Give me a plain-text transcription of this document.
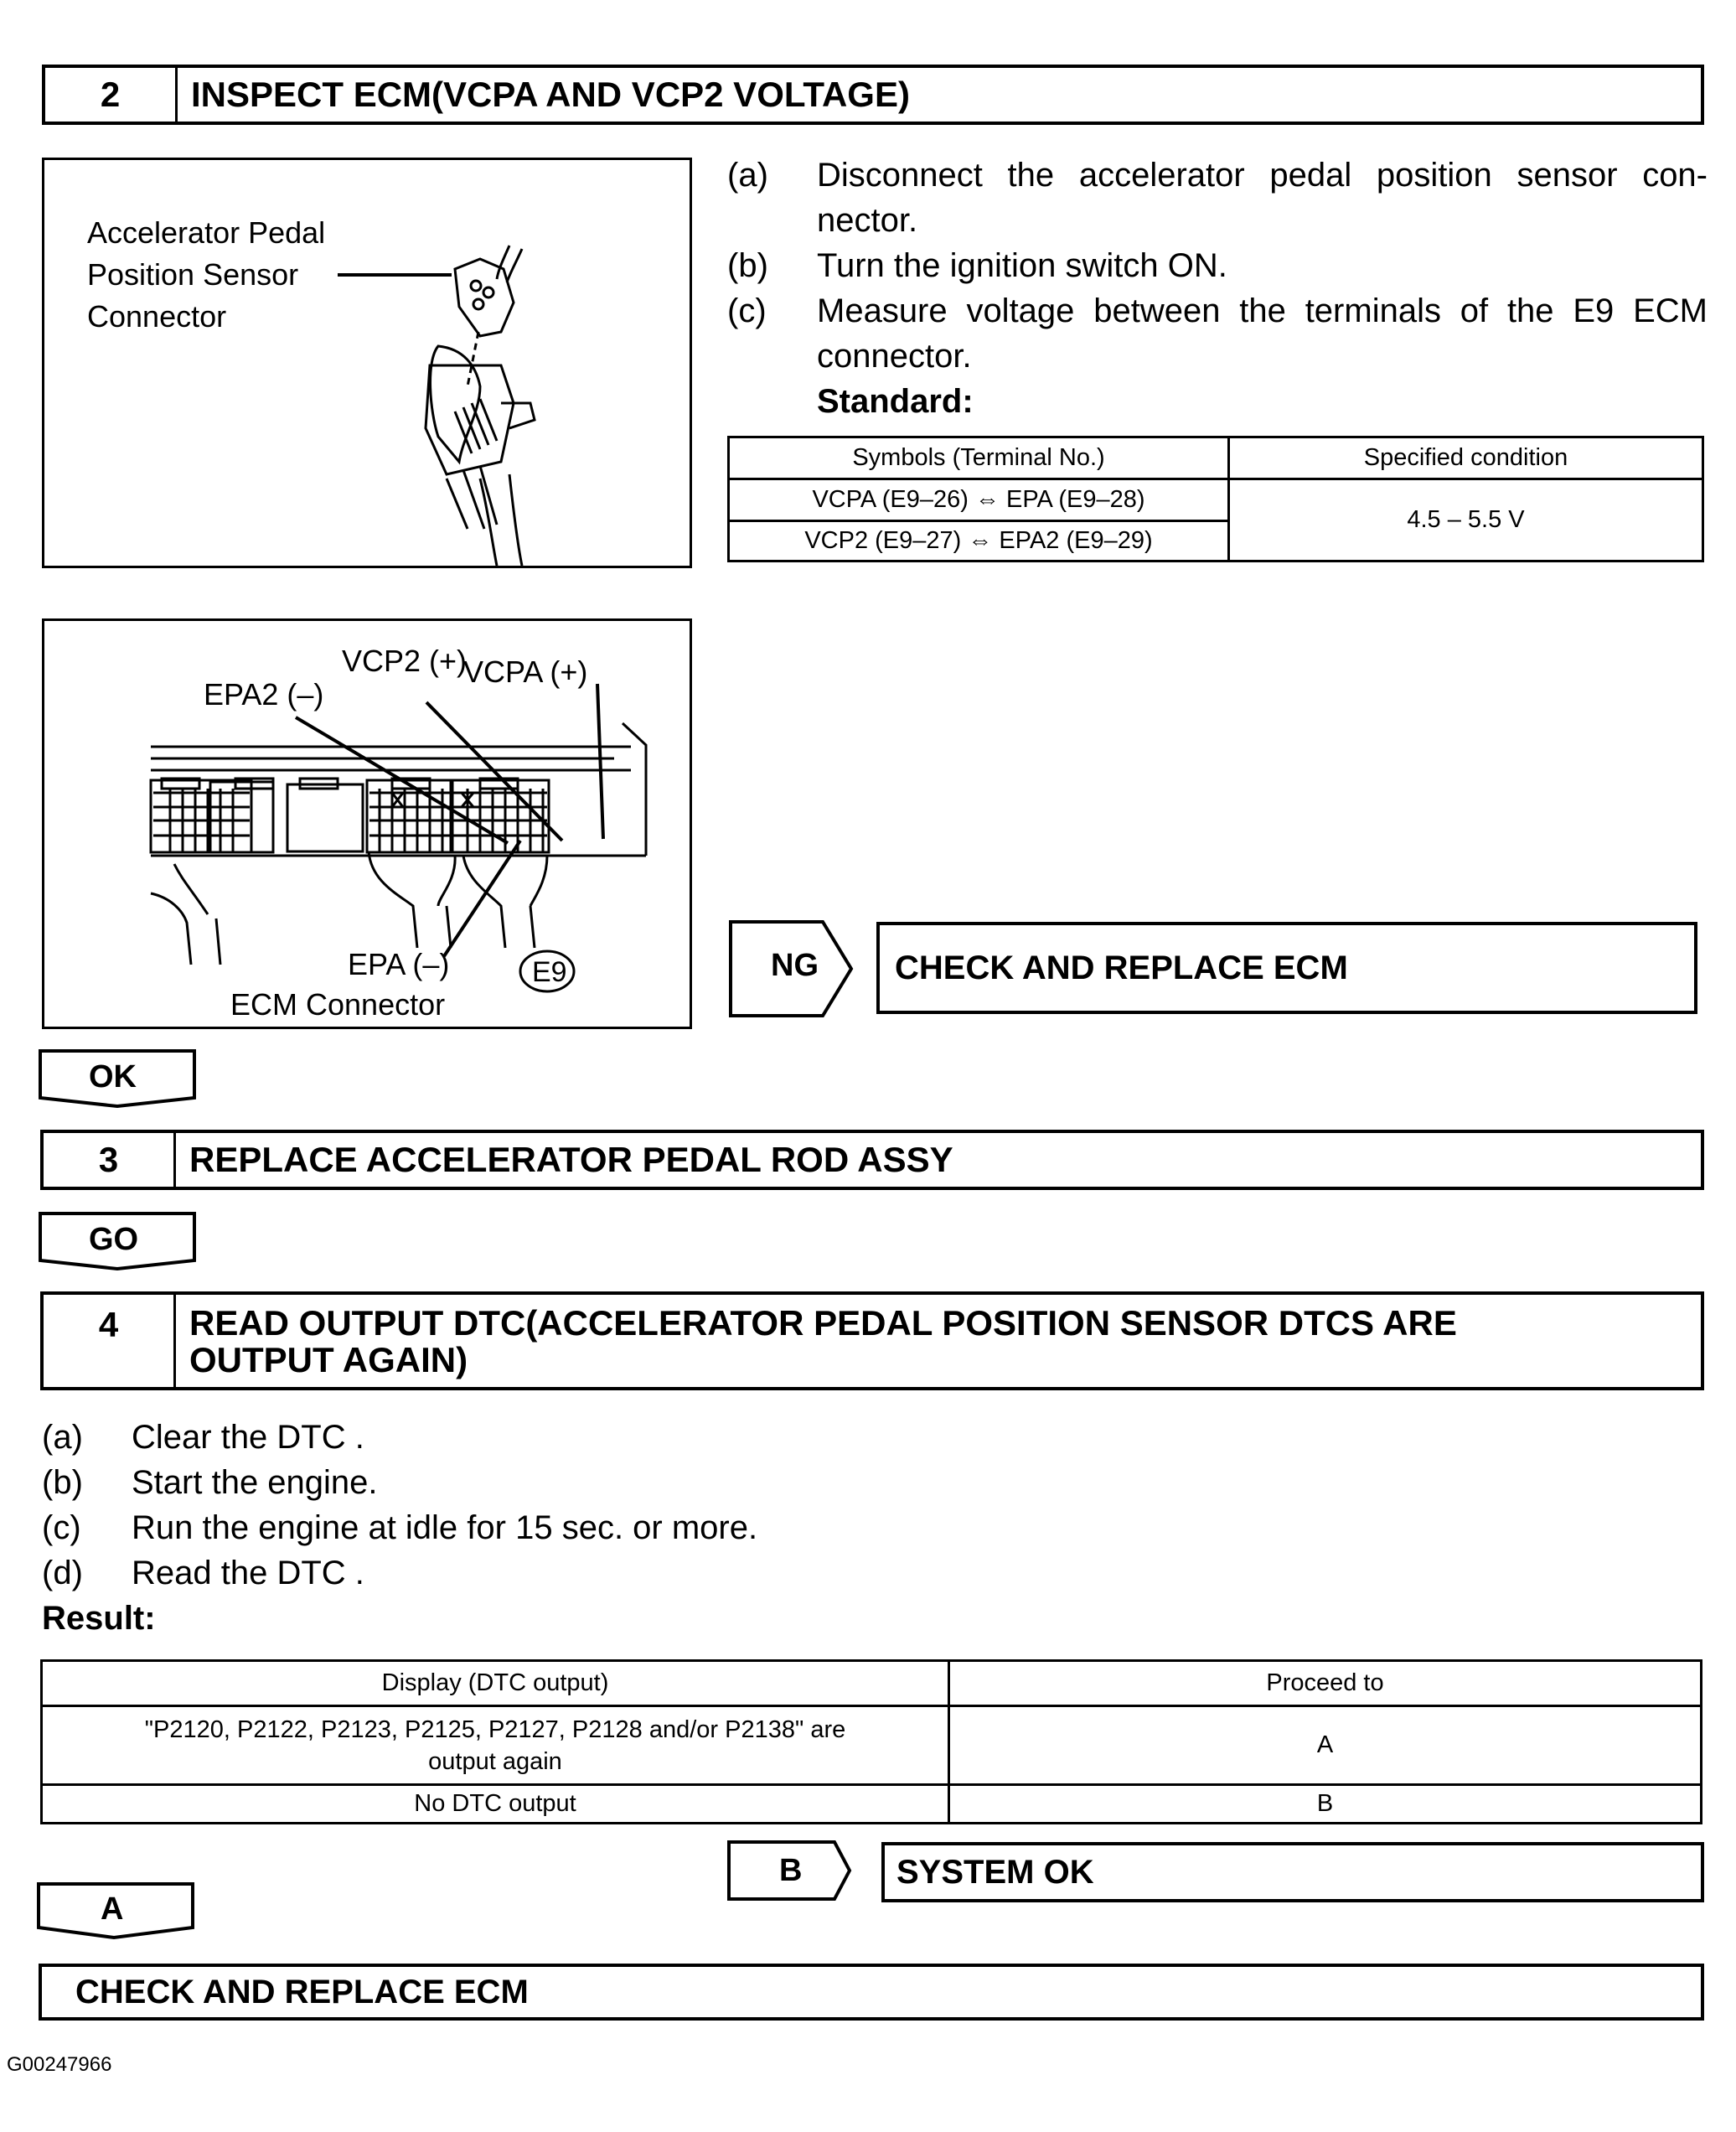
2	INSPECT ECM(VCPA AND VCP2 VOLTAGE)
Accelerator Pedal
Position Sensor
Connector
(a)	Disconnect the accelerator pedal position sensor con-
nector.
(b)	Turn the ignition switch ON.
(c)	Measure voltage between the terminals of the E9 ECM
connector.
Standard:
Symbols (Terminal No.)	Specified condition
VCPA (E9–26) ⇔ EPA (E9–28)	4.5 – 5.5 V
VCP2 (E9–27) ⇔ EPA2 (E9–29)	
EPA2 (–)
VCP2 (+)
VCPA (+)
EPA (–)	E9
ECM Connector
NG CHECK AND REPLACE ECM
OK
3	REPLACE ACCELERATOR PEDAL ROD ASSY
GO
4	READ OUTPUT DTC(ACCELERATOR PEDAL POSITION SENSOR DTCS ARE
OUTPUT AGAIN)
(a)	Clear the DTC .
(b)	Start the engine.
(c)	Run the engine at idle for 15 sec. or more.
(d)	Read the DTC .
Result:
Display (DTC output)	Proceed to
"P2120, P2122, P2123, P2125, P2127, P2128 and/or P2138" are output again	A
No DTC output	B
B	SYSTEM OK
A
CHECK AND REPLACE ECM
G00247966
